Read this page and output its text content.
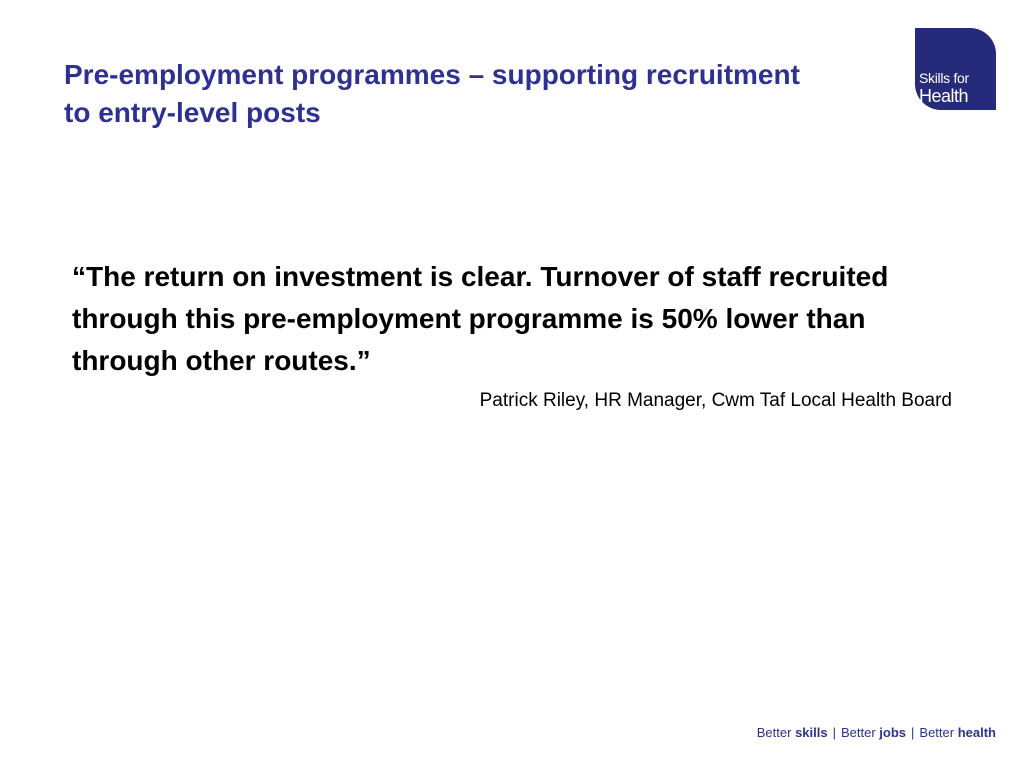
Pre-employment programmes – supporting recruitment to entry-level posts
Skills for
Health

“The return on investment is clear. Turnover of staff recruited through this pre-employment programme is 50% lower than through other routes.”

Patrick Riley, HR Manager, Cwm Taf Local Health Board

Better skills | Better jobs | Better health
